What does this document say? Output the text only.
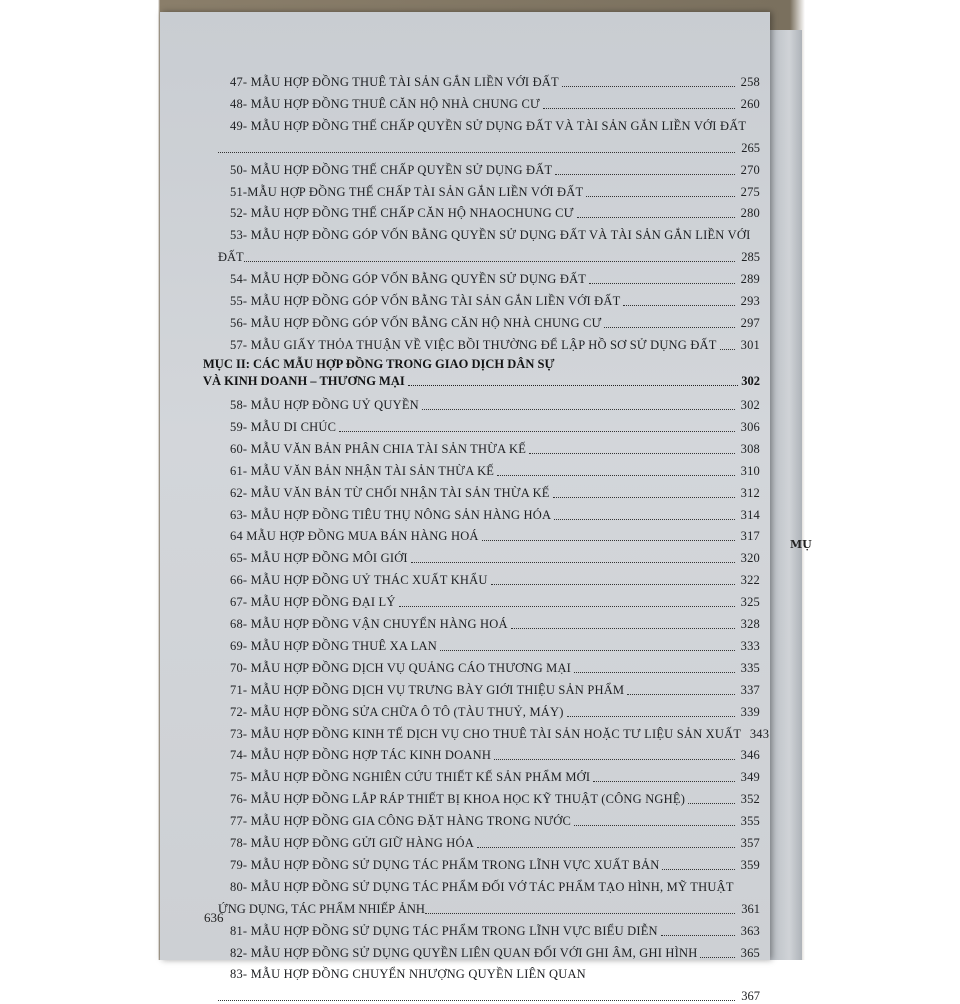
MỤ
47- MẪU HỢP ĐỒNG THUÊ TÀI SẢN GẮN LIỀN VỚI ĐẤT	258
48- MẪU HỢP ĐỒNG THUÊ CĂN HỘ NHÀ CHUNG CƯ	260
49- MẪU HỢP ĐỒNG THẾ CHẤP QUYỀN SỬ DỤNG ĐẤT VÀ TÀI SẢN GẮN LIỀN VỚI ĐẤT
265
50- MẪU HỢP ĐỒNG THẾ CHẤP QUYỀN SỬ DỤNG ĐẤT	270
51-MẪU HỢP ĐỒNG THẾ CHẤP TÀI SẢN GẮN LIỀN VỚI ĐẤT	275
52- MẪU HỢP ĐỒNG THẾ CHẤP CĂN HỘ NHAOCHUNG CƯ	280
53- MẪU HỢP ĐỒNG GÓP VỐN BẰNG QUYỀN SỬ DỤNG ĐẤT VÀ TÀI SẢN GẮN LIỀN VỚI
ĐẤT	285
54- MẪU HỢP ĐỒNG GÓP VỐN BẰNG QUYỀN SỬ DỤNG ĐẤT	289
55- MẪU HỢP ĐỒNG GÓP VỐN BẰNG TÀI SẢN GẮN LIỀN VỚI ĐẤT	293
56- MẪU HỢP ĐỒNG GÓP VỐN BẰNG CĂN HỘ NHÀ CHUNG CƯ	297
57- MẪU GIẤY THỎA THUẬN VỀ VIỆC BỒI THƯỜNG ĐỂ LẬP HỒ SƠ SỬ DỤNG ĐẤT 301
MỤC II: CÁC MẪU HỢP ĐỒNG TRONG GIAO DỊCH DÂN SỰ
VÀ KINH DOANH – THƯƠNG MẠI	302
58- MẪU HỢP ĐỒNG UỶ QUYỀN	302
59- MẪU DI CHÚC	306
60- MẪU VĂN BẢN PHÂN CHIA TÀI SẢN THỪA KẾ	308
61- MẪU VĂN BẢN NHẬN TÀI SẢN THỪA KẾ	310
62- MẪU VĂN BẢN TỪ CHỐI NHẬN TÀI SẢN THỪA KẾ	312
63- MẪU HỢP ĐỒNG TIÊU THỤ NÔNG SẢN HÀNG HÓA	314
64 MẪU HỢP ĐỒNG MUA BÁN HÀNG HOÁ	317
65- MẪU HỢP ĐỒNG MÔI GIỚI	320
66- MẪU HỢP ĐỒNG UỶ THÁC XUẤT KHẨU	322
67- MẪU HỢP ĐỒNG ĐẠI LÝ	325
68- MẪU HỢP ĐỒNG VẬN CHUYỂN HÀNG HOÁ	328
69- MẪU HỢP ĐỒNG THUÊ XA LAN	333
70- MẪU HỢP ĐỒNG DỊCH VỤ QUẢNG CÁO THƯƠNG MẠI	335
71- MẪU HỢP ĐỒNG DỊCH VỤ TRƯNG BÀY GIỚI THIỆU SẢN PHẨM	337
72- MẪU HỢP ĐỒNG SỬA CHỮA Ô TÔ (TÀU THUỶ, MÁY)	339
73- MẪU HỢP ĐỒNG KINH TẾ DỊCH VỤ CHO THUÊ TÀI SẢN HOẶC TƯ LIỆU SẢN XUẤT 343
74- MẪU HỢP ĐỒNG HỢP TÁC KINH DOANH	346
75- MẪU HỢP ĐỒNG NGHIÊN CỨU THIẾT KẾ SẢN PHẨM MỚI	349
76- MẪU HỢP ĐỒNG LẮP RÁP THIẾT BỊ KHOA HỌC KỸ THUẬT (CÔNG NGHỆ)	352
77- MẪU HỢP ĐỒNG GIA CÔNG ĐẶT HÀNG TRONG NƯỚC	355
78- MẪU HỢP ĐỒNG GỬI GIỮ HÀNG HÓA	357
79- MẪU HỢP ĐỒNG SỬ DỤNG TÁC PHẨM TRONG LĨNH VỰC XUẤT BẢN	359
80- MẪU HỢP ĐỒNG SỬ DỤNG TÁC PHẨM ĐỐI VỚ TÁC PHẨM TẠO HÌNH, MỸ THUẬT
ỨNG DỤNG, TÁC PHẨM NHIẾP ẢNH	361
81- MẪU HỢP ĐỒNG SỬ DỤNG TÁC PHẨM TRONG LĨNH VỰC BIỂU DIỄN	363
82- MẪU HỢP ĐỒNG SỬ DỤNG QUYỀN LIÊN QUAN ĐỐI VỚI GHI ÂM, GHI HÌNH	365
83- MẪU HỢP ĐỒNG CHUYỂN NHƯỢNG QUYỀN LIÊN QUAN
367
636
